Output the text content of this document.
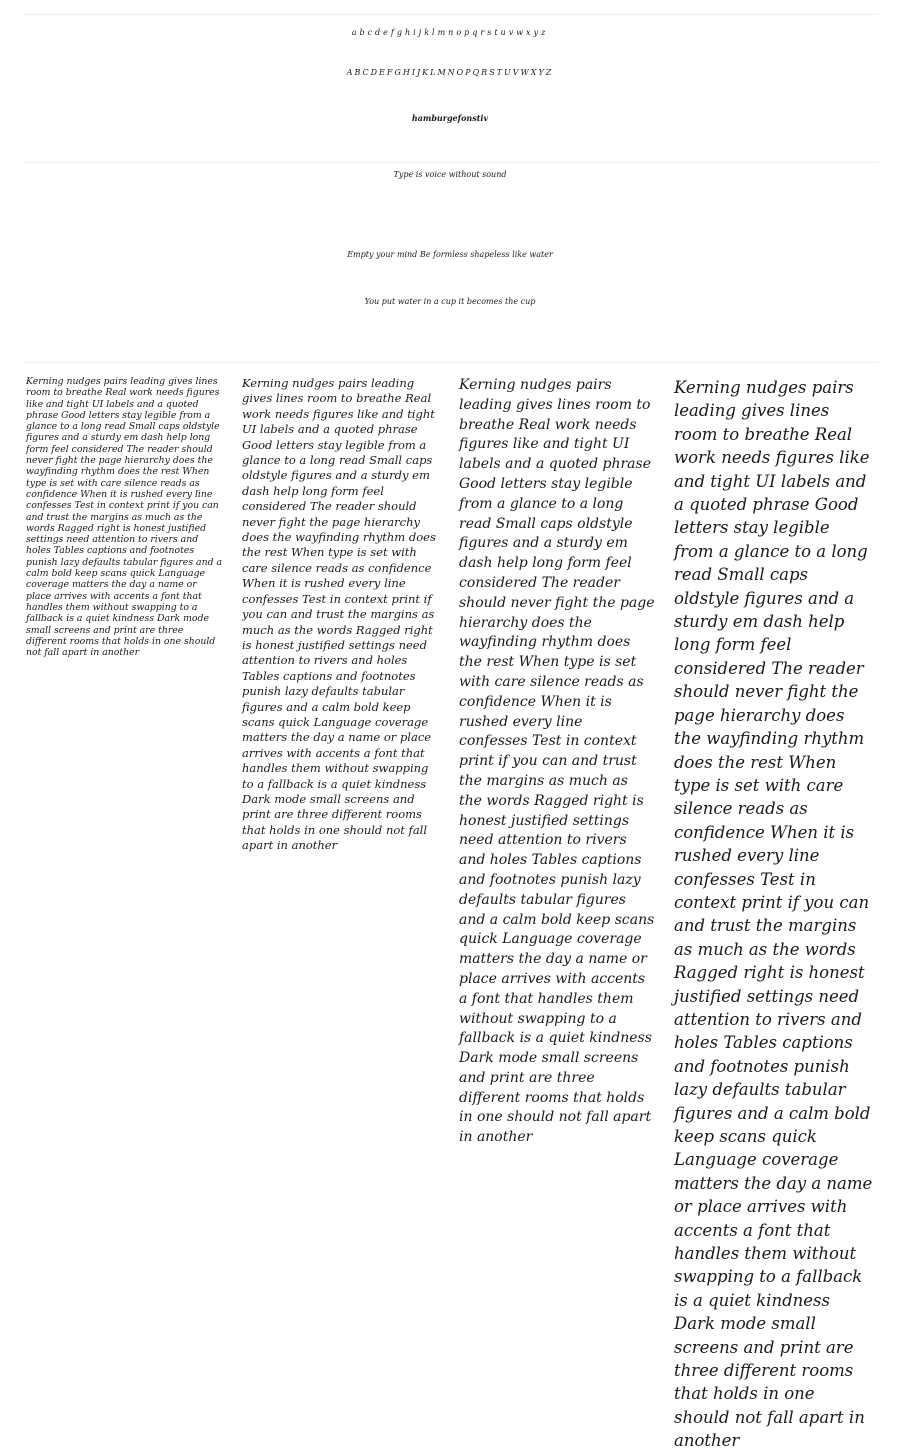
abcdefghijklmnopqrstuvwxyz
ABCDEFGHIJKLMNOPQRSTUVWXYZ
hamburgefonstiv
Type is voice without sound
Empty your mind Be formless shapeless like water
You put water in a cup it becomes the cup

Kerning nudges pairs leading gives lines room to breathe Real work needs figures like and tight UI labels and a quoted phrase Good letters stay legible from a glance to a long read Small caps oldstyle figures and a sturdy em dash help long form feel considered The reader should never fight the page hierarchy does the wayfinding rhythm does the rest When type is set with care silence reads as confidence When it is rushed every line confesses Test in context print if you can and trust the margins as much as the words Ragged right is honest justified settings need attention to rivers and holes Tables captions and footnotes punish lazy defaults tabular figures and a calm bold keep scans quick Language coverage matters the day a name or place arrives with accents a font that handles them without swapping to a fallback is a quiet kindness Dark mode small screens and print are three different rooms that holds in one should not fall apart in another

Kerning nudges pairs leading gives lines room to breathe Real work needs figures like and tight UI labels and a quoted phrase Good letters stay legible from a glance to a long read Small caps oldstyle figures and a sturdy em dash help long form feel considered The reader should never fight the page hierarchy does the wayfinding rhythm does the rest When type is set with care silence reads as confidence When it is rushed every line confesses Test in context print if you can and trust the margins as much as the words Ragged right is honest justified settings need attention to rivers and holes Tables captions and footnotes punish lazy defaults tabular figures and a calm bold keep scans quick Language coverage matters the day a name or place arrives with accents a font that handles them without swapping to a fallback is a quiet kindness Dark mode small screens and print are three different rooms that holds in one should not fall apart in another

Kerning nudges pairs leading gives lines room to breathe Real work needs figures like and tight UI labels and a quoted phrase Good letters stay legible from a glance to a long read Small caps oldstyle figures and a sturdy em dash help long form feel considered The reader should never fight the page hierarchy does the wayfinding rhythm does the rest When type is set with care silence reads as confidence When it is rushed every line confesses Test in context print if you can and trust the margins as much as the words Ragged right is honest justified settings need attention to rivers and holes Tables captions and footnotes punish lazy defaults tabular figures and a calm bold keep scans quick Language coverage matters the day a name or place arrives with accents a font that handles them without swapping to a fallback is a quiet kindness Dark mode small screens and print are three different rooms that holds in one should not fall apart in another

Kerning nudges pairs leading gives lines room to breathe Real work needs figures like and tight UI labels and a quoted phrase Good letters stay legible from a glance to a long read Small caps oldstyle figures and a sturdy em dash help long form feel considered The reader should never fight the page hierarchy does the wayfinding rhythm does the rest When type is set with care silence reads as confidence When it is rushed every line confesses Test in context print if you can and trust the margins as much as the words Ragged right is honest justified settings need attention to rivers and holes Tables captions and footnotes punish lazy defaults tabular figures and a calm bold keep scans quick Language coverage matters the day a name or place arrives with accents a font that handles them without swapping to a fallback is a quiet kindness Dark mode small screens and print are three different rooms that holds in one should not fall apart in another
